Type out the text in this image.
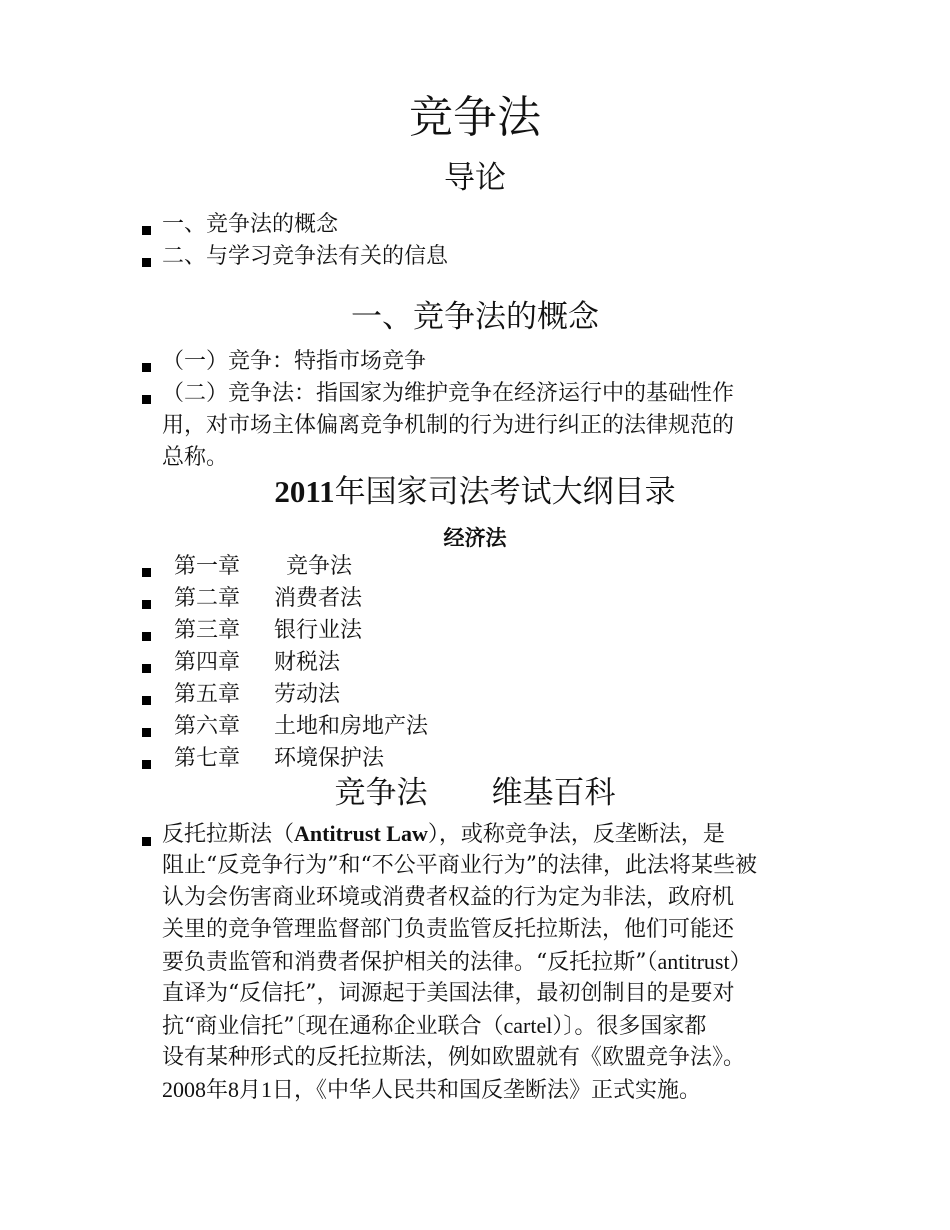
竞争法
导论
一、竞争法的概念
二、与学习竞争法有关的信息
一、竞争法的概念
（一）竞争：特指市场竞争
（二）竞争法：指国家为维护竞争在经济运行中的基础性作
用，对市场主体偏离竞争机制的行为进行纠正的法律规范的
总称。
2011年国家司法考试大纲目录
经济法
第一章 竞争法
第二章 消费者法
第三章 银行业法
第四章 财税法
第五章 劳动法
第六章 土地和房地产法
第七章 环境保护法
竞争法 维基百科
反托拉斯法（Antitrust Law），或称竞争法，反垄断法，是
阻止“反竞争行为”和“不公平商业行为”的法律，此法将某些被
认为会伤害商业环境或消费者权益的行为定为非法，政府机
关里的竞争管理监督部门负责监管反托拉斯法，他们可能还
要负责监管和消费者保护相关的法律。“反托拉斯”（antitrust）
直译为“反信托”，词源起于美国法律，最初创制目的是要对
抗“商业信托”〔现在通称企业联合（cartel）〕。很多国家都
设有某种形式的反托拉斯法，例如欧盟就有《欧盟竞争法》。
2008年8月1日，《中华人民共和国反垄断法》正式实施。
